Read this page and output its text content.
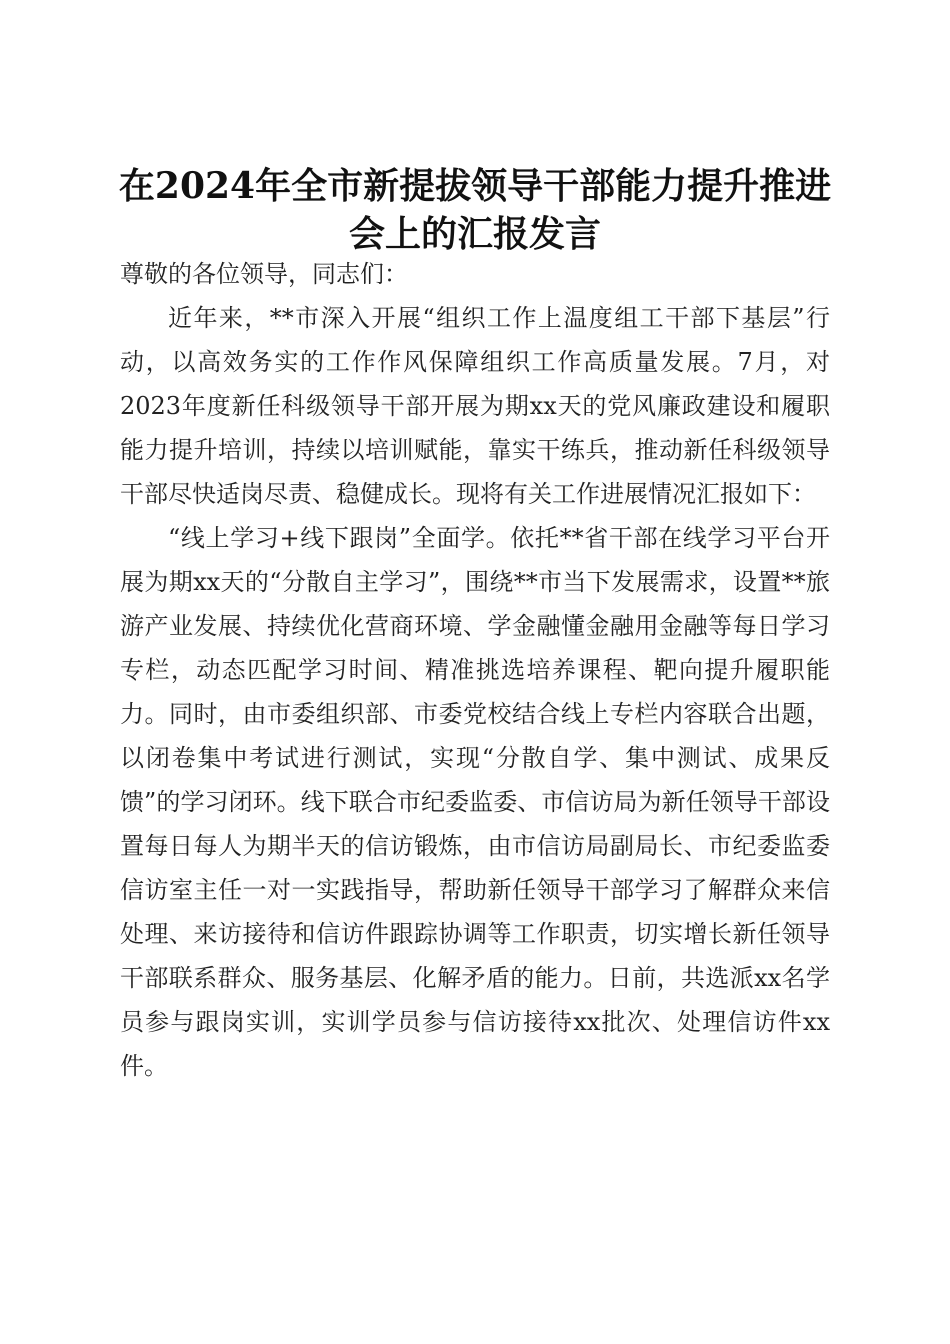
在2024年全市新提拔领导干部能力提升推进
会上的汇报发言

尊敬的各位领导，同志们：

近年来，**市深入开展“组织工作上温度组工干部下基层”行动，以高效务实的工作作风保障组织工作高质量发展。7月，对2023年度新任科级领导干部开展为期xx天的党风廉政建设和履职能力提升培训，持续以培训赋能，靠实干练兵，推动新任科级领导干部尽快适岗尽责、稳健成长。现将有关工作进展情况汇报如下：

“线上学习+线下跟岗”全面学。依托**省干部在线学习平台开展为期xx天的“分散自主学习”，围绕**市当下发展需求，设置**旅游产业发展、持续优化营商环境、学金融懂金融用金融等每日学习专栏，动态匹配学习时间、精准挑选培养课程、靶向提升履职能力。同时，由市委组织部、市委党校结合线上专栏内容联合出题，以闭卷集中考试进行测试，实现“分散自学、集中测试、成果反馈”的学习闭环。线下联合市纪委监委、市信访局为新任领导干部设置每日每人为期半天的信访锻炼，由市信访局副局长、市纪委监委信访室主任一对一实践指导，帮助新任领导干部学习了解群众来信处理、来访接待和信访件跟踪协调等工作职责，切实增长新任领导干部联系群众、服务基层、化解矛盾的能力。日前，共选派xx名学员参与跟岗实训，实训学员参与信访接待xx批次、处理信访件xx件。
